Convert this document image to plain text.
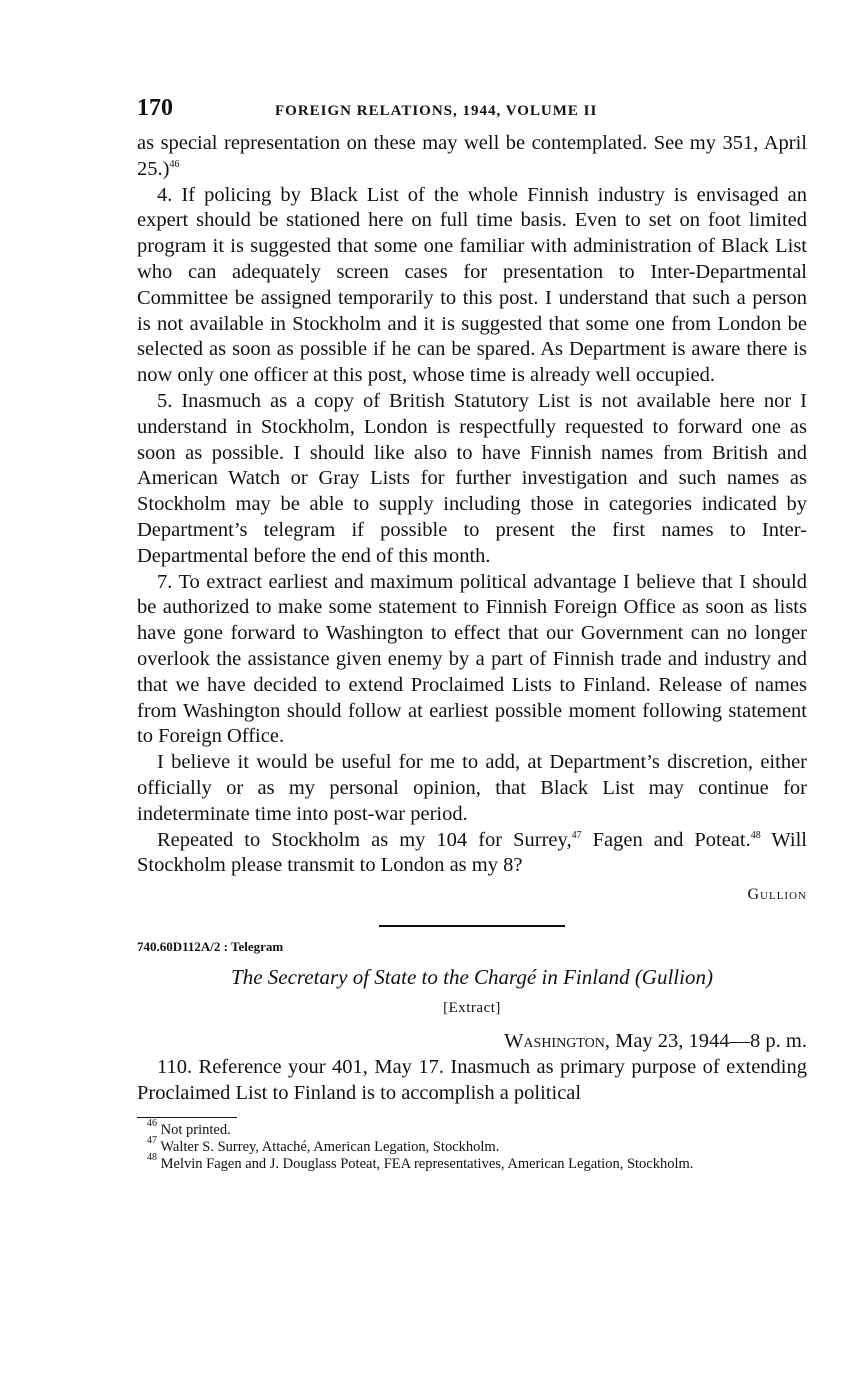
170	FOREIGN RELATIONS, 1944, VOLUME II

as special representation on these may well be contemplated. See my 351, April 25.)$^{46}$

4. If policing by Black List of the whole Finnish industry is envisaged an expert should be stationed here on full time basis. Even to set on foot limited program it is suggested that some one familiar with administration of Black List who can adequately screen cases for presentation to Inter-Departmental Committee be assigned temporarily to this post. I understand that such a person is not available in Stockholm and it is suggested that some one from London be selected as soon as possible if he can be spared. As Department is aware there is now only one officer at this post, whose time is already well occupied.

5. Inasmuch as a copy of British Statutory List is not available here nor I understand in Stockholm, London is respectfully requested to forward one as soon as possible. I should like also to have Finnish names from British and American Watch or Gray Lists for further investigation and such names as Stockholm may be able to supply including those in categories indicated by Department’s telegram if possible to present the first names to Inter-Departmental before the end of this month.

7. To extract earliest and maximum political advantage I believe that I should be authorized to make some statement to Finnish Foreign Office as soon as lists have gone forward to Washington to effect that our Government can no longer overlook the assistance given enemy by a part of Finnish trade and industry and that we have decided to extend Proclaimed Lists to Finland. Release of names from Washington should follow at earliest possible moment following statement to Foreign Office.

I believe it would be useful for me to add, at Department’s discretion, either officially or as my personal opinion, that Black List may continue for indeterminate time into post-war period.

Repeated to Stockholm as my 104 for Surrey,$^{47}$ Fagen and Poteat.$^{48}$ Will Stockholm please transmit to London as my 8?

Gullion
740.60D112A/2 : Telegram
The Secretary of State to the Chargé in Finland (Gullion)
[Extract]
Washington, May 23, 1944—8 p. m.

110. Reference your 401, May 17. Inasmuch as primary purpose of extending Proclaimed List to Finland is to accomplish a political

$^{46}$ Not printed.

$^{47}$ Walter S. Surrey, Attaché, American Legation, Stockholm.

$^{48}$ Melvin Fagen and J. Douglass Poteat, FEA representatives, American Legation, Stockholm.
